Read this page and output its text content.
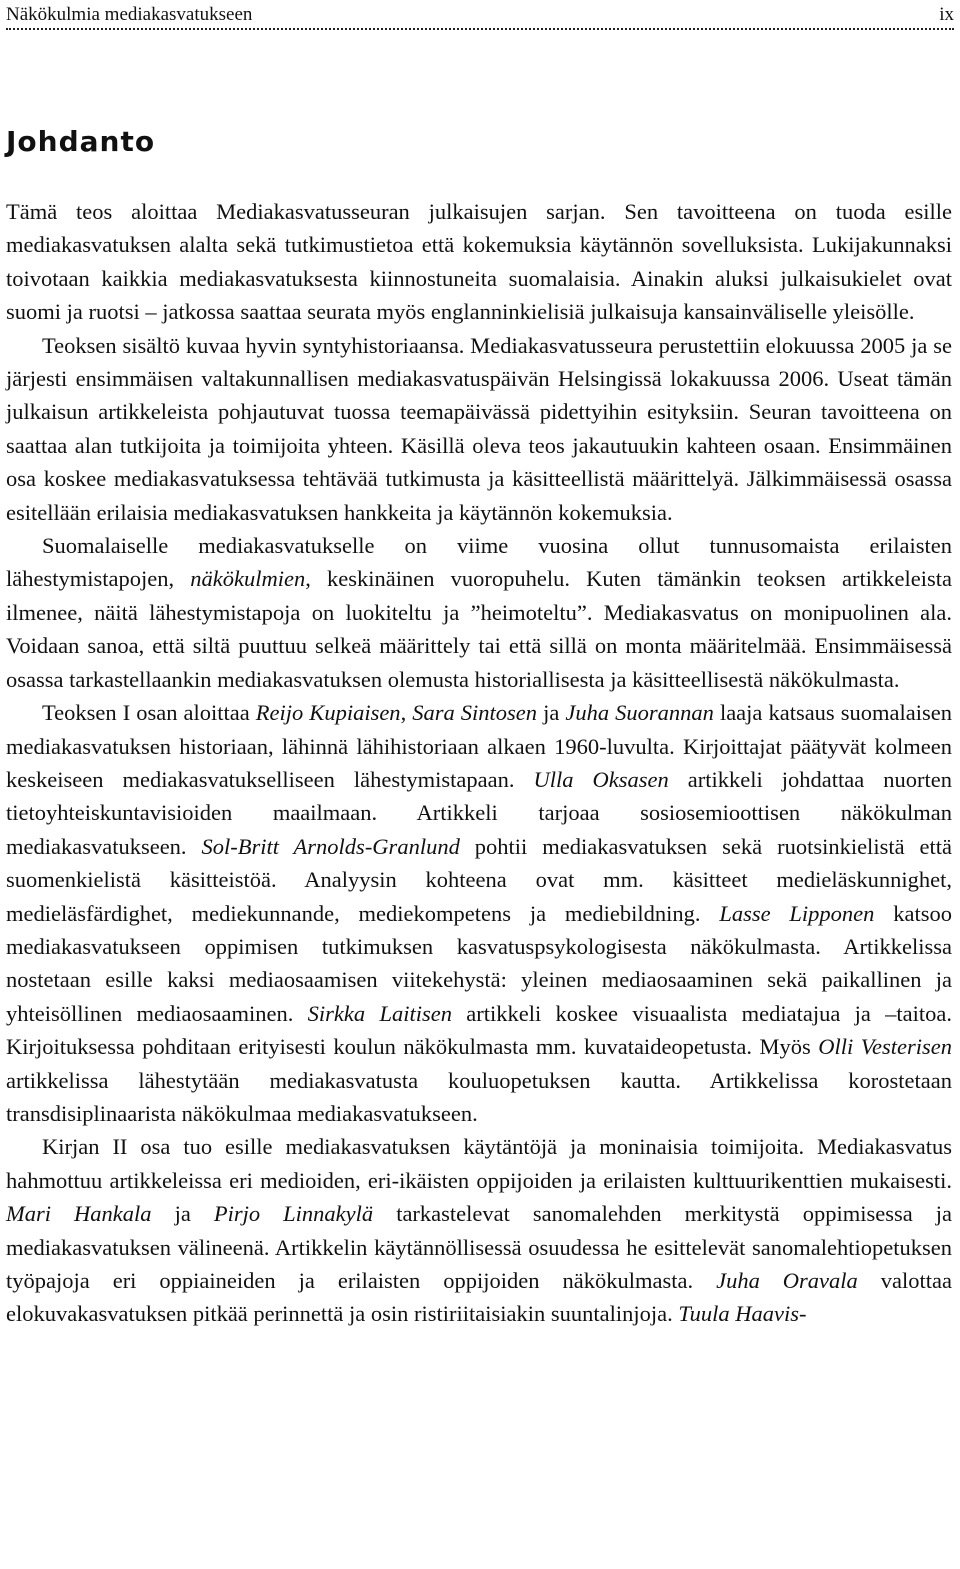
Näkökulmia mediakasvatukseen	ix
Johdanto

Tämä teos aloittaa Mediakasvatusseuran julkaisujen sarjan. Sen tavoitteena on tuoda esille mediakasvatuksen alalta sekä tutkimustietoa että kokemuksia käytännön sovelluksista. Lukijakunnaksi toivotaan kaikkia mediakasvatuksesta kiinnostuneita suomalaisia. Ainakin aluksi julkaisukielet ovat suomi ja ruotsi – jatkossa saattaa seurata myös englanninkielisiä julkaisuja kansainväliselle yleisölle.

Teoksen sisältö kuvaa hyvin syntyhistoriaansa. Mediakasvatusseura perustettiin elokuussa 2005 ja se järjesti ensimmäisen valtakunnallisen mediakasvatuspäivän Helsingissä lokakuussa 2006. Useat tämän julkaisun artikkeleista pohjautuvat tuossa teemapäivässä pidettyihin esityksiin. Seuran tavoitteena on saattaa alan tutkijoita ja toimijoita yhteen. Käsillä oleva teos jakautuukin kahteen osaan. Ensimmäinen osa koskee mediakasvatuksessa tehtävää tutkimusta ja käsitteellistä määrittelyä. Jälkimmäisessä osassa esitellään erilaisia mediakasvatuksen hankkeita ja käytännön kokemuksia.

Suomalaiselle mediakasvatukselle on viime vuosina ollut tunnusomaista erilaisten lähestymistapojen, näkökulmien, keskinäinen vuoropuhelu. Kuten tämänkin teoksen artikkeleista ilmenee, näitä lähestymistapoja on luokiteltu ja ”heimoteltu”. Mediakasvatus on monipuolinen ala. Voidaan sanoa, että siltä puuttuu selkeä määrittely tai että sillä on monta määritelmää. Ensimmäisessä osassa tarkastellaankin mediakasvatuksen olemusta historiallisesta ja käsitteellisestä näkökulmasta.

Teoksen I osan aloittaa Reijo Kupiaisen, Sara Sintosen ja Juha Suorannan laaja katsaus suomalaisen mediakasvatuksen historiaan, lähinnä lähihistoriaan alkaen 1960-luvulta. Kirjoittajat päätyvät kolmeen keskeiseen mediakasvatukselliseen lähestymistapaan. Ulla Oksasen artikkeli johdattaa nuorten tietoyhteiskuntavisioiden maailmaan. Artikkeli tarjoaa sosiosemioottisen näkökulman mediakasvatukseen. Sol-Britt Arnolds-Granlund pohtii mediakasvatuksen sekä ruotsinkielistä että suomenkielistä käsitteistöä. Analyysin kohteena ovat mm. käsitteet medieläskunnighet, medieläsfärdighet, mediekunnande, mediekompetens ja mediebildning. Lasse Lipponen katsoo mediakasvatukseen oppimisen tutkimuksen kasvatuspsykologisesta näkökulmasta. Artikkelissa nostetaan esille kaksi mediaosaamisen viitekehystä: yleinen mediaosaaminen sekä paikallinen ja yhteisöllinen mediaosaaminen. Sirkka Laitisen artikkeli koskee visuaalista mediatajua ja –taitoa. Kirjoituksessa pohditaan erityisesti koulun näkökulmasta mm. kuvataideopetusta. Myös Olli Vesterisen artikkelissa lähestytään mediakasvatusta kouluopetuksen kautta. Artikkelissa korostetaan transdisiplinaarista näkökulmaa mediakasvatukseen.

Kirjan II osa tuo esille mediakasvatuksen käytäntöjä ja moninaisia toimijoita. Mediakasvatus hahmottuu artikkeleissa eri medioiden, eri-ikäisten oppijoiden ja erilaisten kulttuurikenttien mukaisesti. Mari Hankala ja Pirjo Linnakylä tarkastelevat sanomalehden merkitystä oppimisessa ja mediakasvatuksen välineenä. Artikkelin käytännöllisessä osuudessa he esittelevät sanomalehtiopetuksen työpajoja eri oppiaineiden ja erilaisten oppijoiden näkökulmasta. Juha Oravala valottaa elokuvakasvatuksen pitkää perinnettä ja osin ristiriitaisiakin suuntalinjoja. Tuula Haavis-
